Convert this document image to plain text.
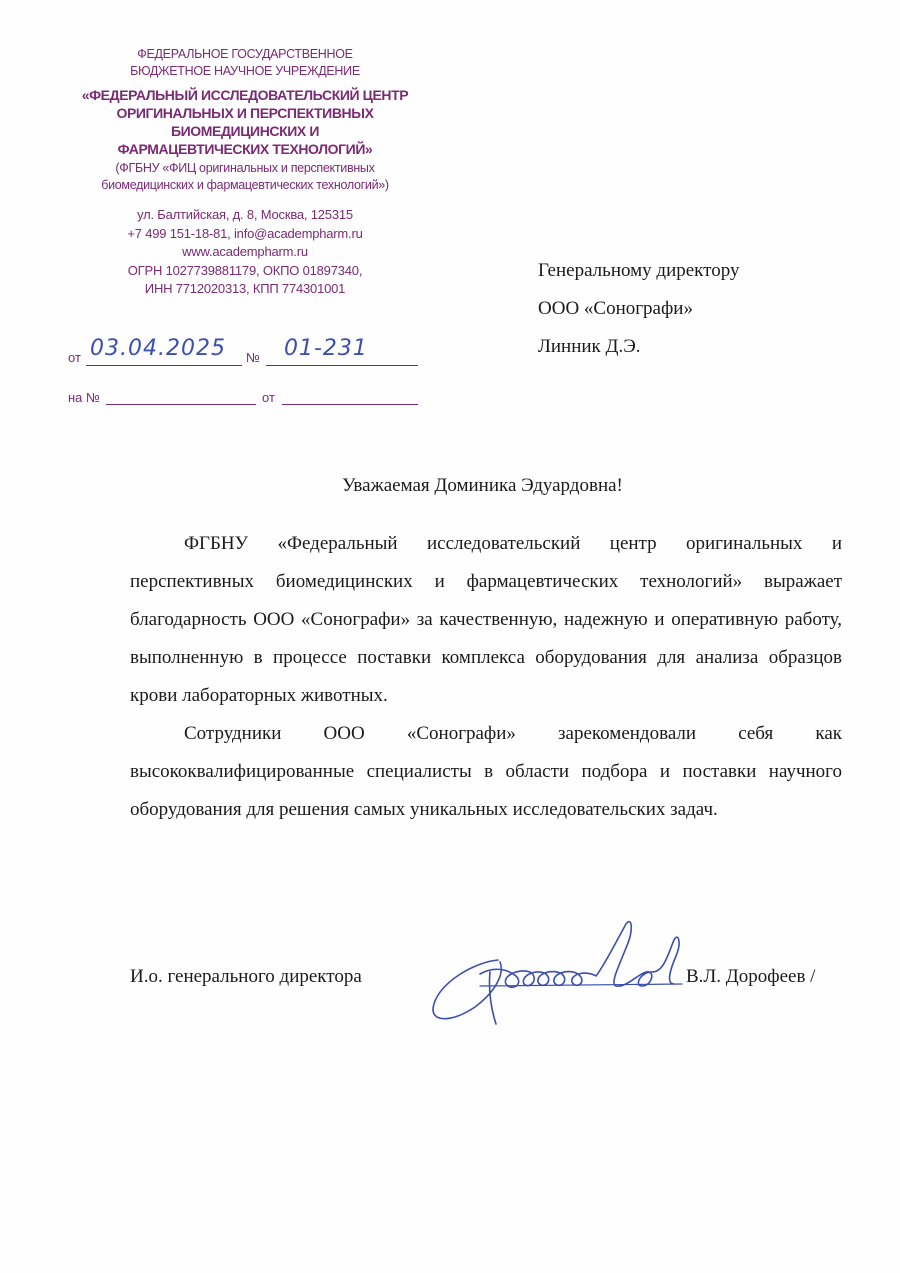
ФЕДЕРАЛЬНОЕ ГОСУДАРСТВЕННОЕ
БЮДЖЕТНОЕ НАУЧНОЕ УЧРЕЖДЕНИЕ
«ФЕДЕРАЛЬНЫЙ ИССЛЕДОВАТЕЛЬСКИЙ ЦЕНТР
ОРИГИНАЛЬНЫХ И ПЕРСПЕКТИВНЫХ
БИОМЕДИЦИНСКИХ И
ФАРМАЦЕВТИЧЕСКИХ ТЕХНОЛОГИЙ»
(ФГБНУ «ФИЦ оригинальных и перспективных
биомедицинских и фармацевтических технологий»)
ул. Балтийская, д. 8, Москва, 125315
+7 499 151-18-81, info@academpharm.ru
www.academpharm.ru
ОГРН 1027739881179, ОКПО 01897340,
ИНН 7712020313, КПП 774301001
от 03.04.2025 № 01-231
на №	от
Генеральному директору
ООО «Сонографи»
Линник Д.Э.
Уважаемая Доминика Эдуардовна!

ФГБНУ «Федеральный исследовательский центр оригинальных и перспективных биомедицинских и фармацевтических технологий» выражает благодарность ООО «Сонографи» за качественную, надежную и оперативную работу, выполненную в процессе поставки комплекса оборудования для анализа образцов крови лабораторных животных.

Сотрудники ООО «Сонографи» зарекомендовали себя как высококвалифицированные специалисты в области подбора и поставки научного оборудования для решения самых уникальных исследовательских задач.

И.о. генерального директора	В.Л. Дорофеев /
